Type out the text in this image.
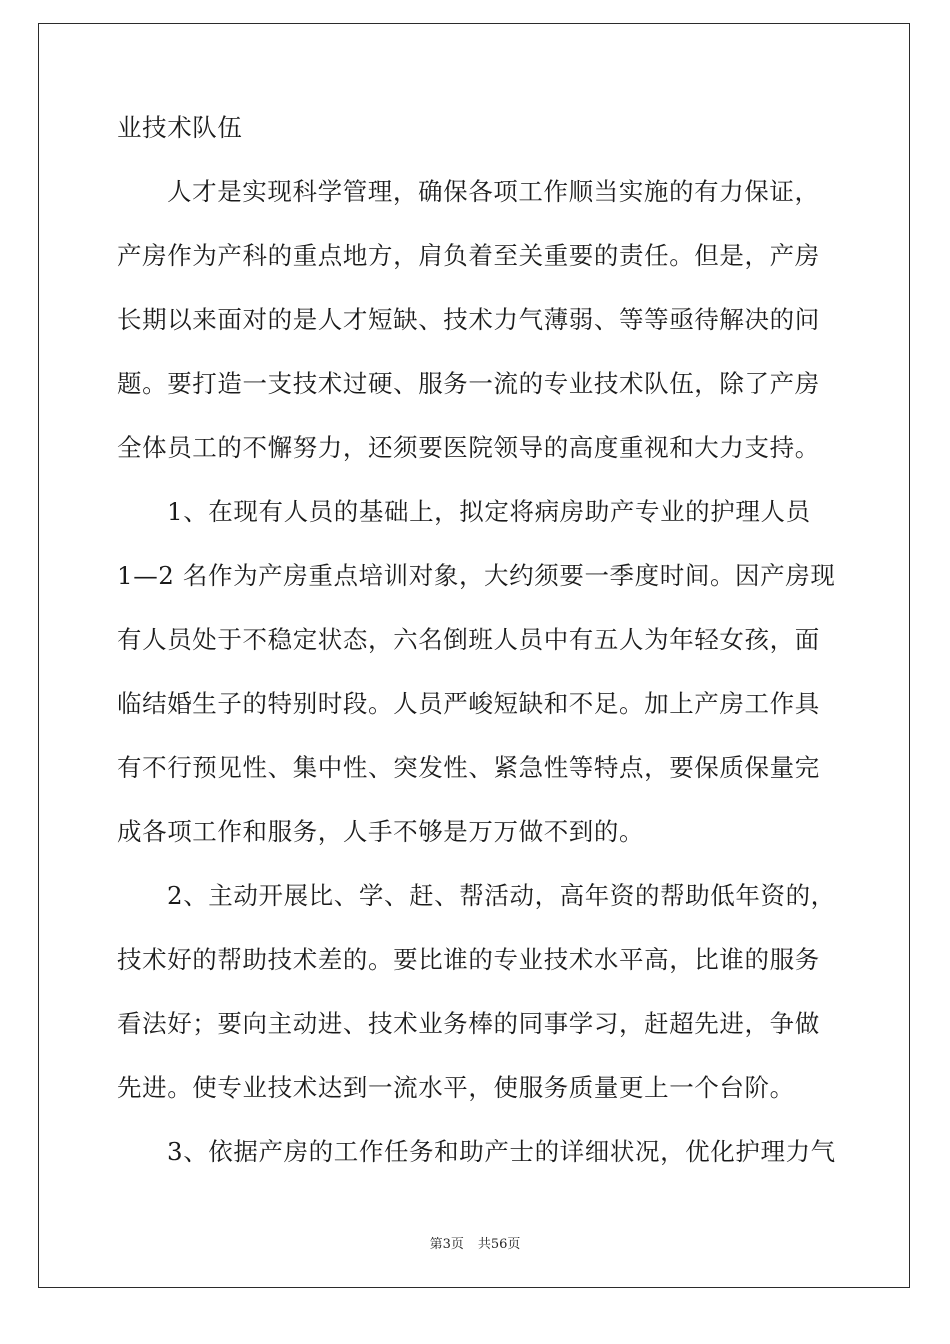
业技术队伍
人才是实现科学管理，确保各项工作顺当实施的有力保证，
产房作为产科的重点地方，肩负着至关重要的责任。但是，产房
长期以来面对的是人才短缺、技术力气薄弱、等等亟待解决的问
题。要打造一支技术过硬、服务一流的专业技术队伍，除了产房
全体员工的不懈努力，还须要医院领导的高度重视和大力支持。
1、在现有人员的基础上，拟定将病房助产专业的护理人员
1—2 名作为产房重点培训对象，大约须要一季度时间。因产房现
有人员处于不稳定状态，六名倒班人员中有五人为年轻女孩，面
临结婚生子的特别时段。人员严峻短缺和不足。加上产房工作具
有不行预见性、集中性、突发性、紧急性等特点，要保质保量完
成各项工作和服务，人手不够是万万做不到的。
2、主动开展比、学、赶、帮活动，高年资的帮助低年资的，
技术好的帮助技术差的。要比谁的专业技术水平高，比谁的服务
看法好；要向主动进、技术业务棒的同事学习，赶超先进，争做
先进。使专业技术达到一流水平，使服务质量更上一个台阶。
3、依据产房的工作任务和助产士的详细状况，优化护理力气
第3页 共56页
